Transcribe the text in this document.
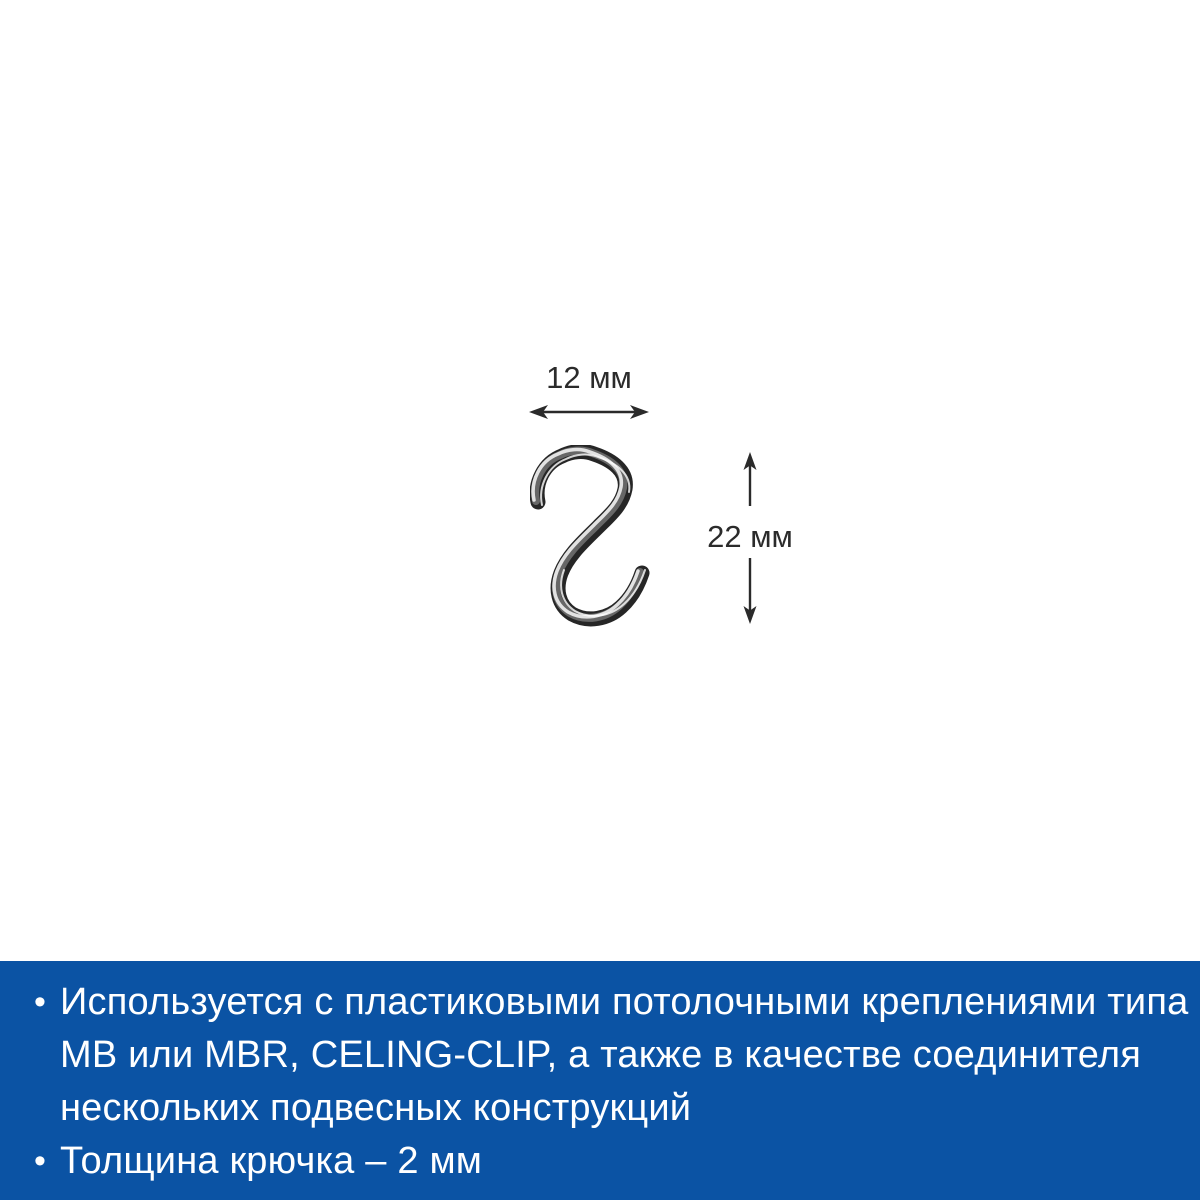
12 мм
22 мм
• Используется с пластиковыми потолочными креплениями типа
МВ или MBR, CELING-CLIP, а также в качестве соединителя
нескольких подвесных конструкций
• Толщина крючка – 2 мм
